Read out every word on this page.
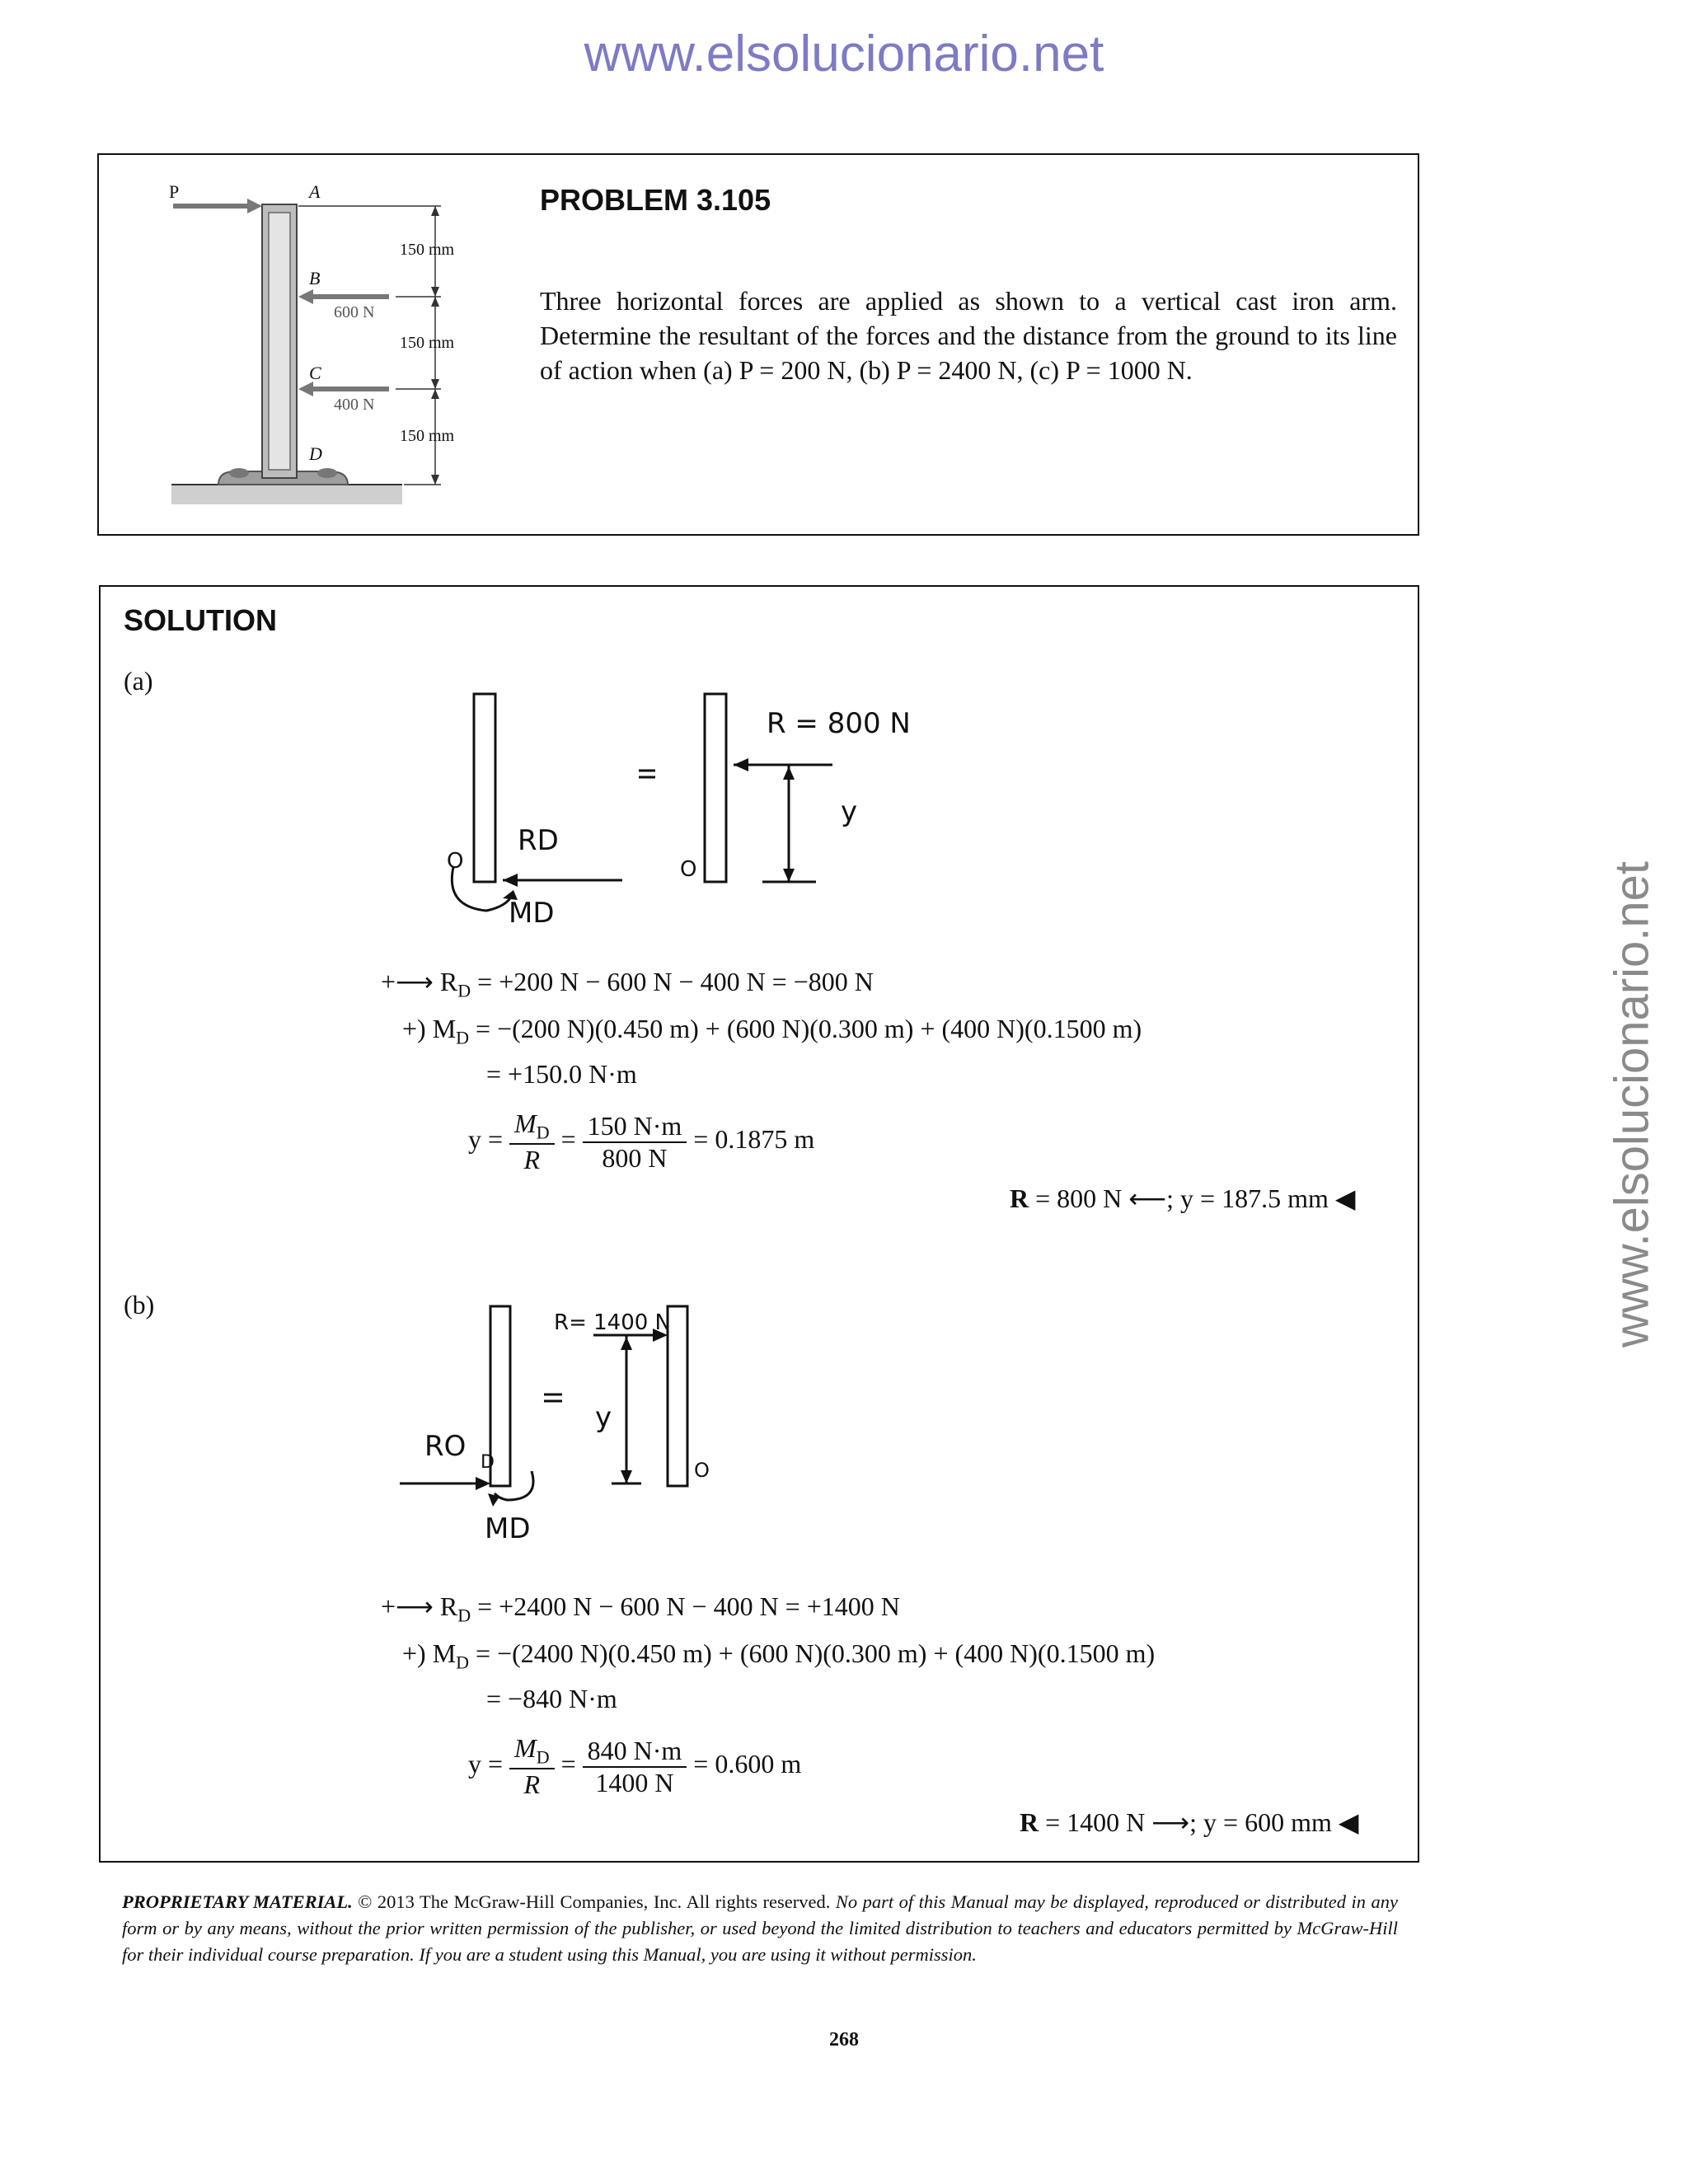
www.elsolucionario.net
www.elsolucionario.net
P	A
B
C
D
600 N
400 N
150 mm
150 mm
150 mm
PROBLEM 3.105
Three horizontal forces are applied as shown to a vertical cast iron arm. Determine the resultant of the forces and the distance from the ground to its line of action when (a) P = 200 N, (b) P = 2400 N, (c) P = 1000 N.
SOLUTION
(a)
R = 800 N
RD
MD
O	O
y
+⟶ $R_D = +200$ N − 600 N − 400 N = −800 N
+) $M_D = -(200$ N)(0.450 m) + (600 N)(0.300 m) + (400 N)(0.1500 m)
= +150.0 N·m
$y = \frac{M_D}{R} = \frac{150 N\cdot m}{800 N} = 0.1875$ m
R = 800 N ⟵; y = 187.5 mm ◀
(b)
R= 1400 N
RO D
MD
O
y
+⟶ $R_D = +2400$ N − 600 N − 400 N = +1400 N
+) $M_D = -(2400$ N)(0.450 m) + (600 N)(0.300 m) + (400 N)(0.1500 m)
= −840 N·m
$y = \frac{M_D}{R} = \frac{840 N\cdot m}{1400 N} = 0.600$ m
R = 1400 N ⟶; y = 600 mm ◀
PROPRIETARY MATERIAL. © 2013 The McGraw-Hill Companies, Inc. All rights reserved. No part of this Manual may be displayed, reproduced or distributed in any form or by any means, without the prior written permission of the publisher, or used beyond the limited distribution to teachers and educators permitted by McGraw-Hill for their individual course preparation. If you are a student using this Manual, you are using it without permission.
268
